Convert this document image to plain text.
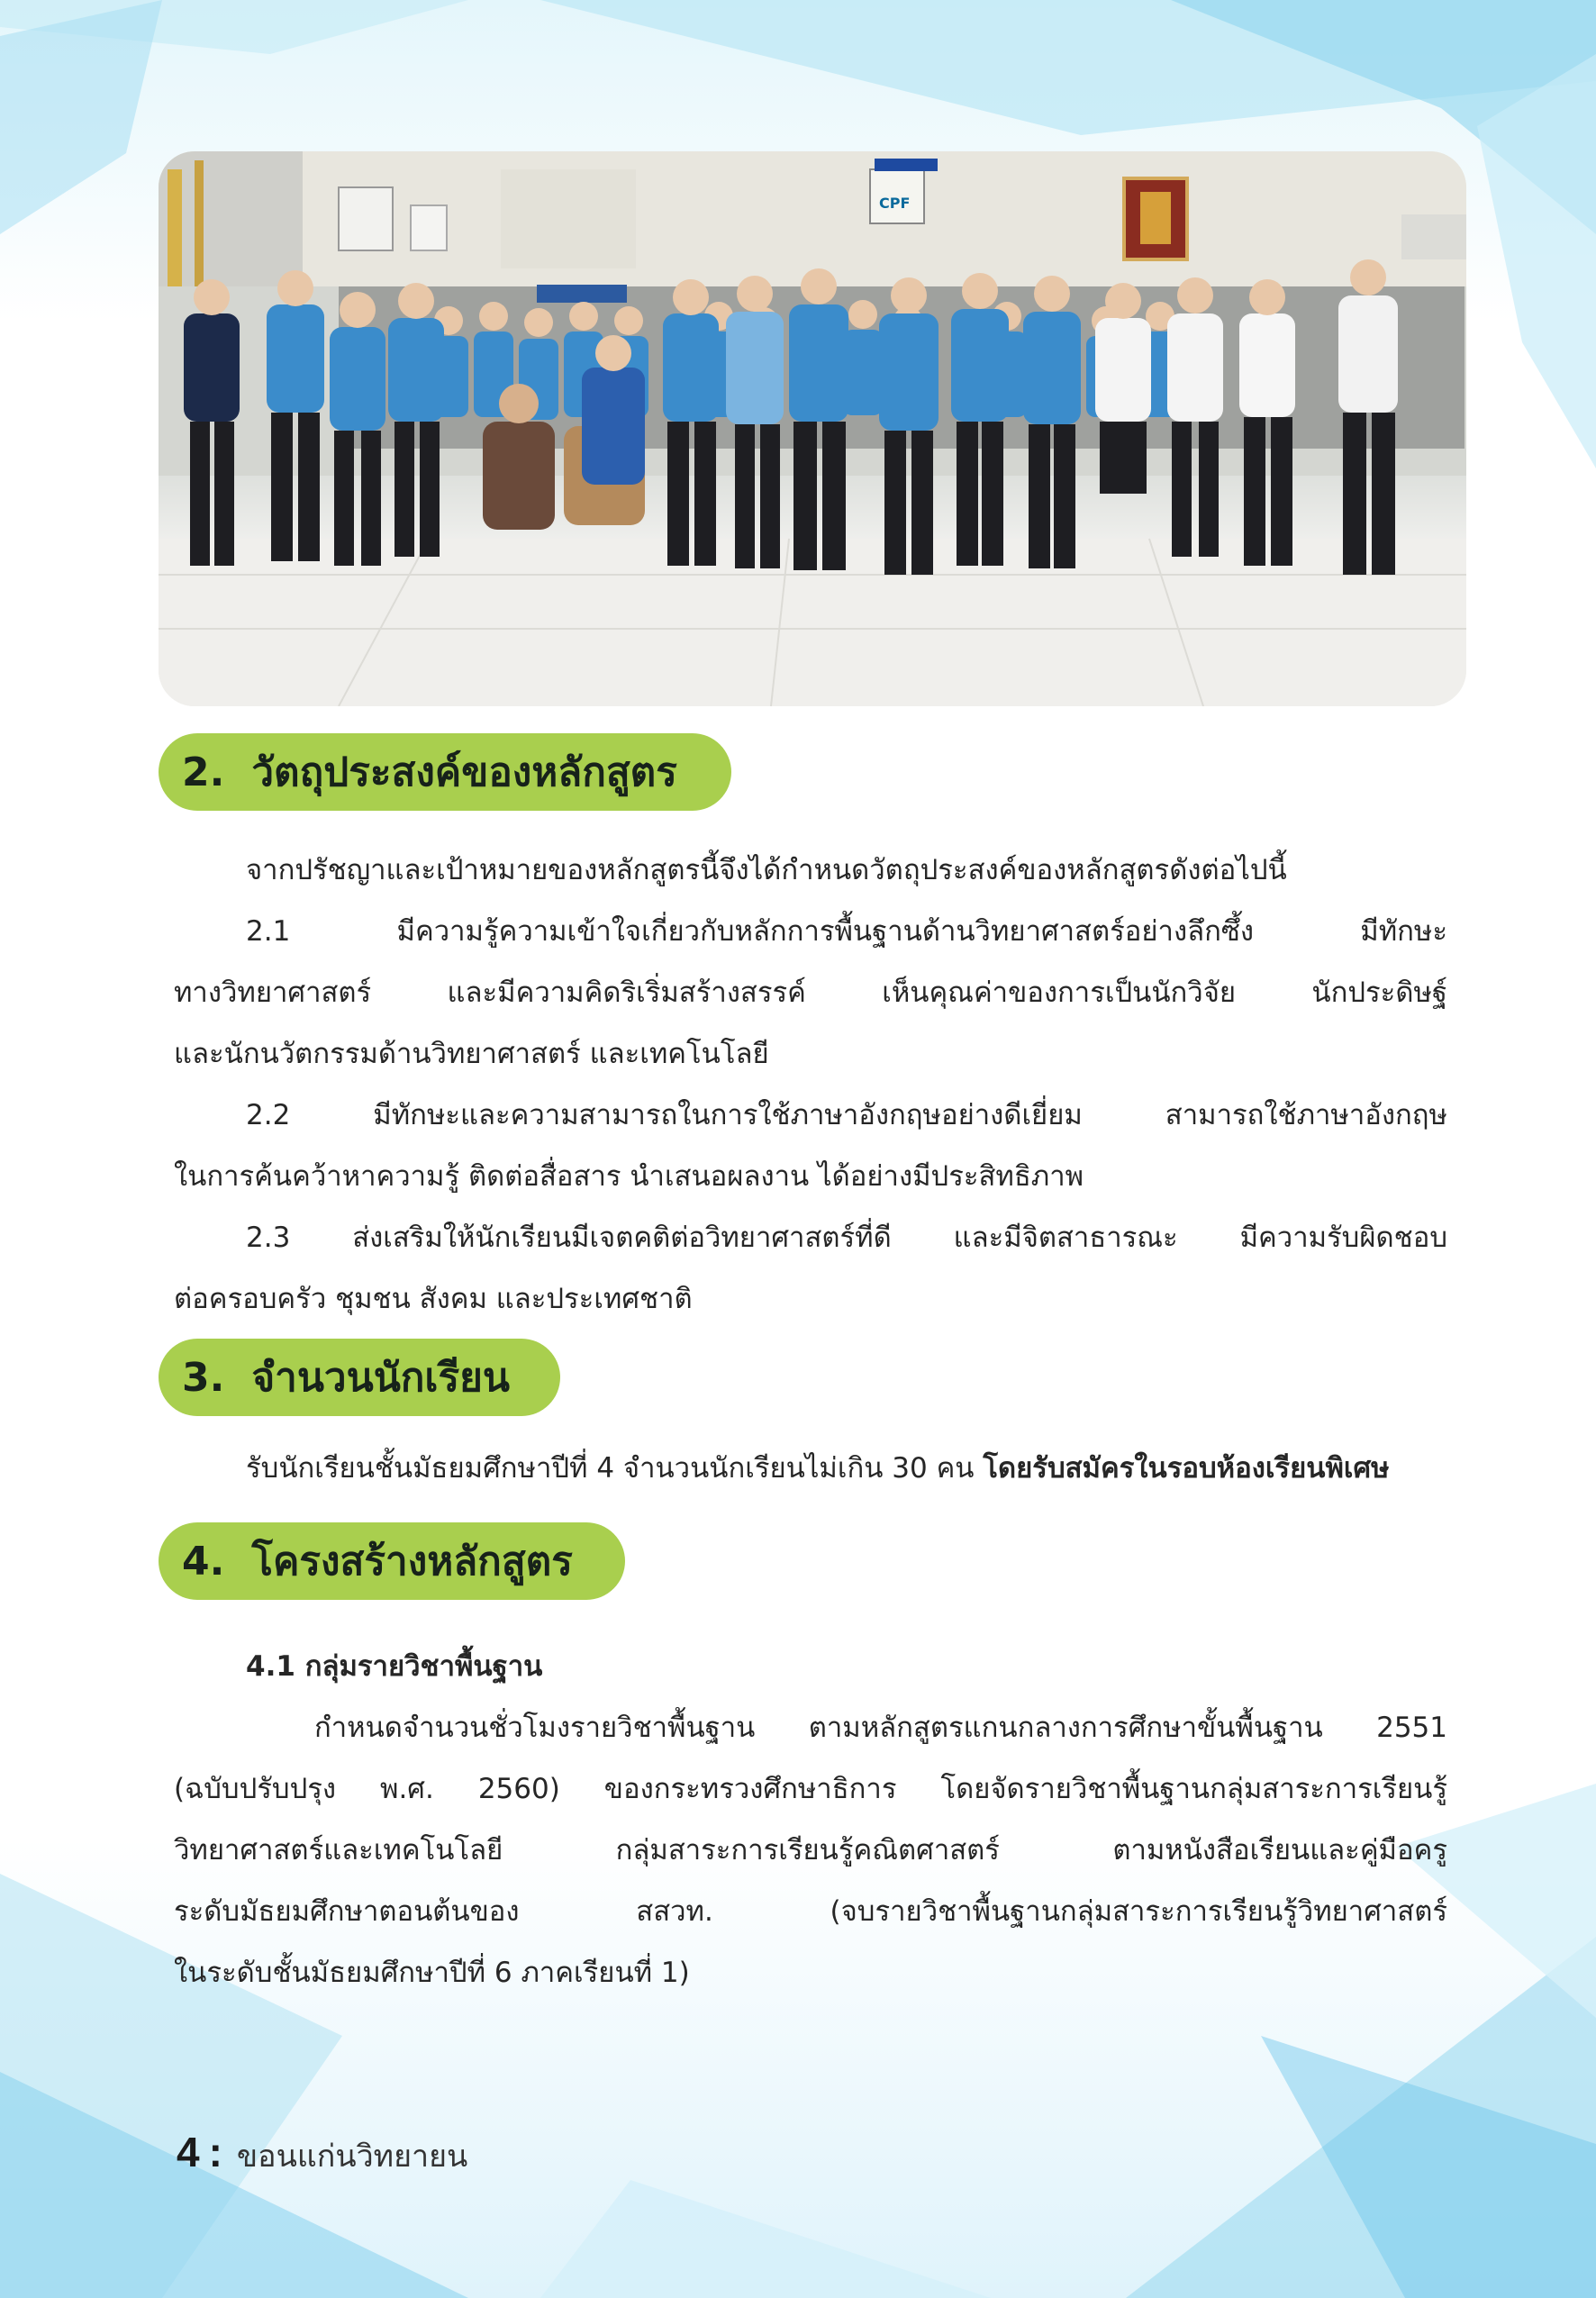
CPF
2. วัตถุประสงค์ของหลักสูตร
จากปรัชญาและเป้าหมายของหลักสูตรนี้จึงได้กำหนดวัตถุประสงค์ของหลักสูตรดังต่อไปนี้
2.1 มีความรู้ความเข้าใจเกี่ยวกับหลักการพื้นฐานด้านวิทยาศาสตร์อย่างลึกซึ้ง มีทักษะ
ทางวิทยาศาสตร์ และมีความคิดริเริ่มสร้างสรรค์ เห็นคุณค่าของการเป็นนักวิจัย นักประดิษฐ์
และนักนวัตกรรมด้านวิทยาศาสตร์ และเทคโนโลยี
2.2 มีทักษะและความสามารถในการใช้ภาษาอังกฤษอย่างดีเยี่ยม สามารถใช้ภาษาอังกฤษ
ในการค้นคว้าหาความรู้ ติดต่อสื่อสาร นำเสนอผลงาน ได้อย่างมีประสิทธิภาพ
2.3 ส่งเสริมให้นักเรียนมีเจตคติต่อวิทยาศาสตร์ที่ดี และมีจิตสาธารณะ มีความรับผิดชอบ
ต่อครอบครัว ชุมชน สังคม และประเทศชาติ
3. จำนวนนักเรียน
รับนักเรียนชั้นมัธยมศึกษาปีที่ 4 จำนวนนักเรียนไม่เกิน 30 คน โดยรับสมัครในรอบห้องเรียนพิเศษ
4. โครงสร้างหลักสูตร
4.1 กลุ่มรายวิชาพื้นฐาน
กำหนดจำนวนชั่วโมงรายวิชาพื้นฐาน ตามหลักสูตรแกนกลางการศึกษาขั้นพื้นฐาน 2551
(ฉบับปรับปรุง พ.ศ. 2560) ของกระทรวงศึกษาธิการ โดยจัดรายวิชาพื้นฐานกลุ่มสาระการเรียนรู้
วิทยาศาสตร์และเทคโนโลยี กลุ่มสาระการเรียนรู้คณิตศาสตร์ ตามหนังสือเรียนและคู่มือครู
ระดับมัธยมศึกษาตอนต้นของ สสวท. (จบรายวิชาพื้นฐานกลุ่มสาระการเรียนรู้วิทยาศาสตร์
ในระดับชั้นมัธยมศึกษาปีที่ 6 ภาคเรียนที่ 1)
4 : ขอนแก่นวิทยายน
